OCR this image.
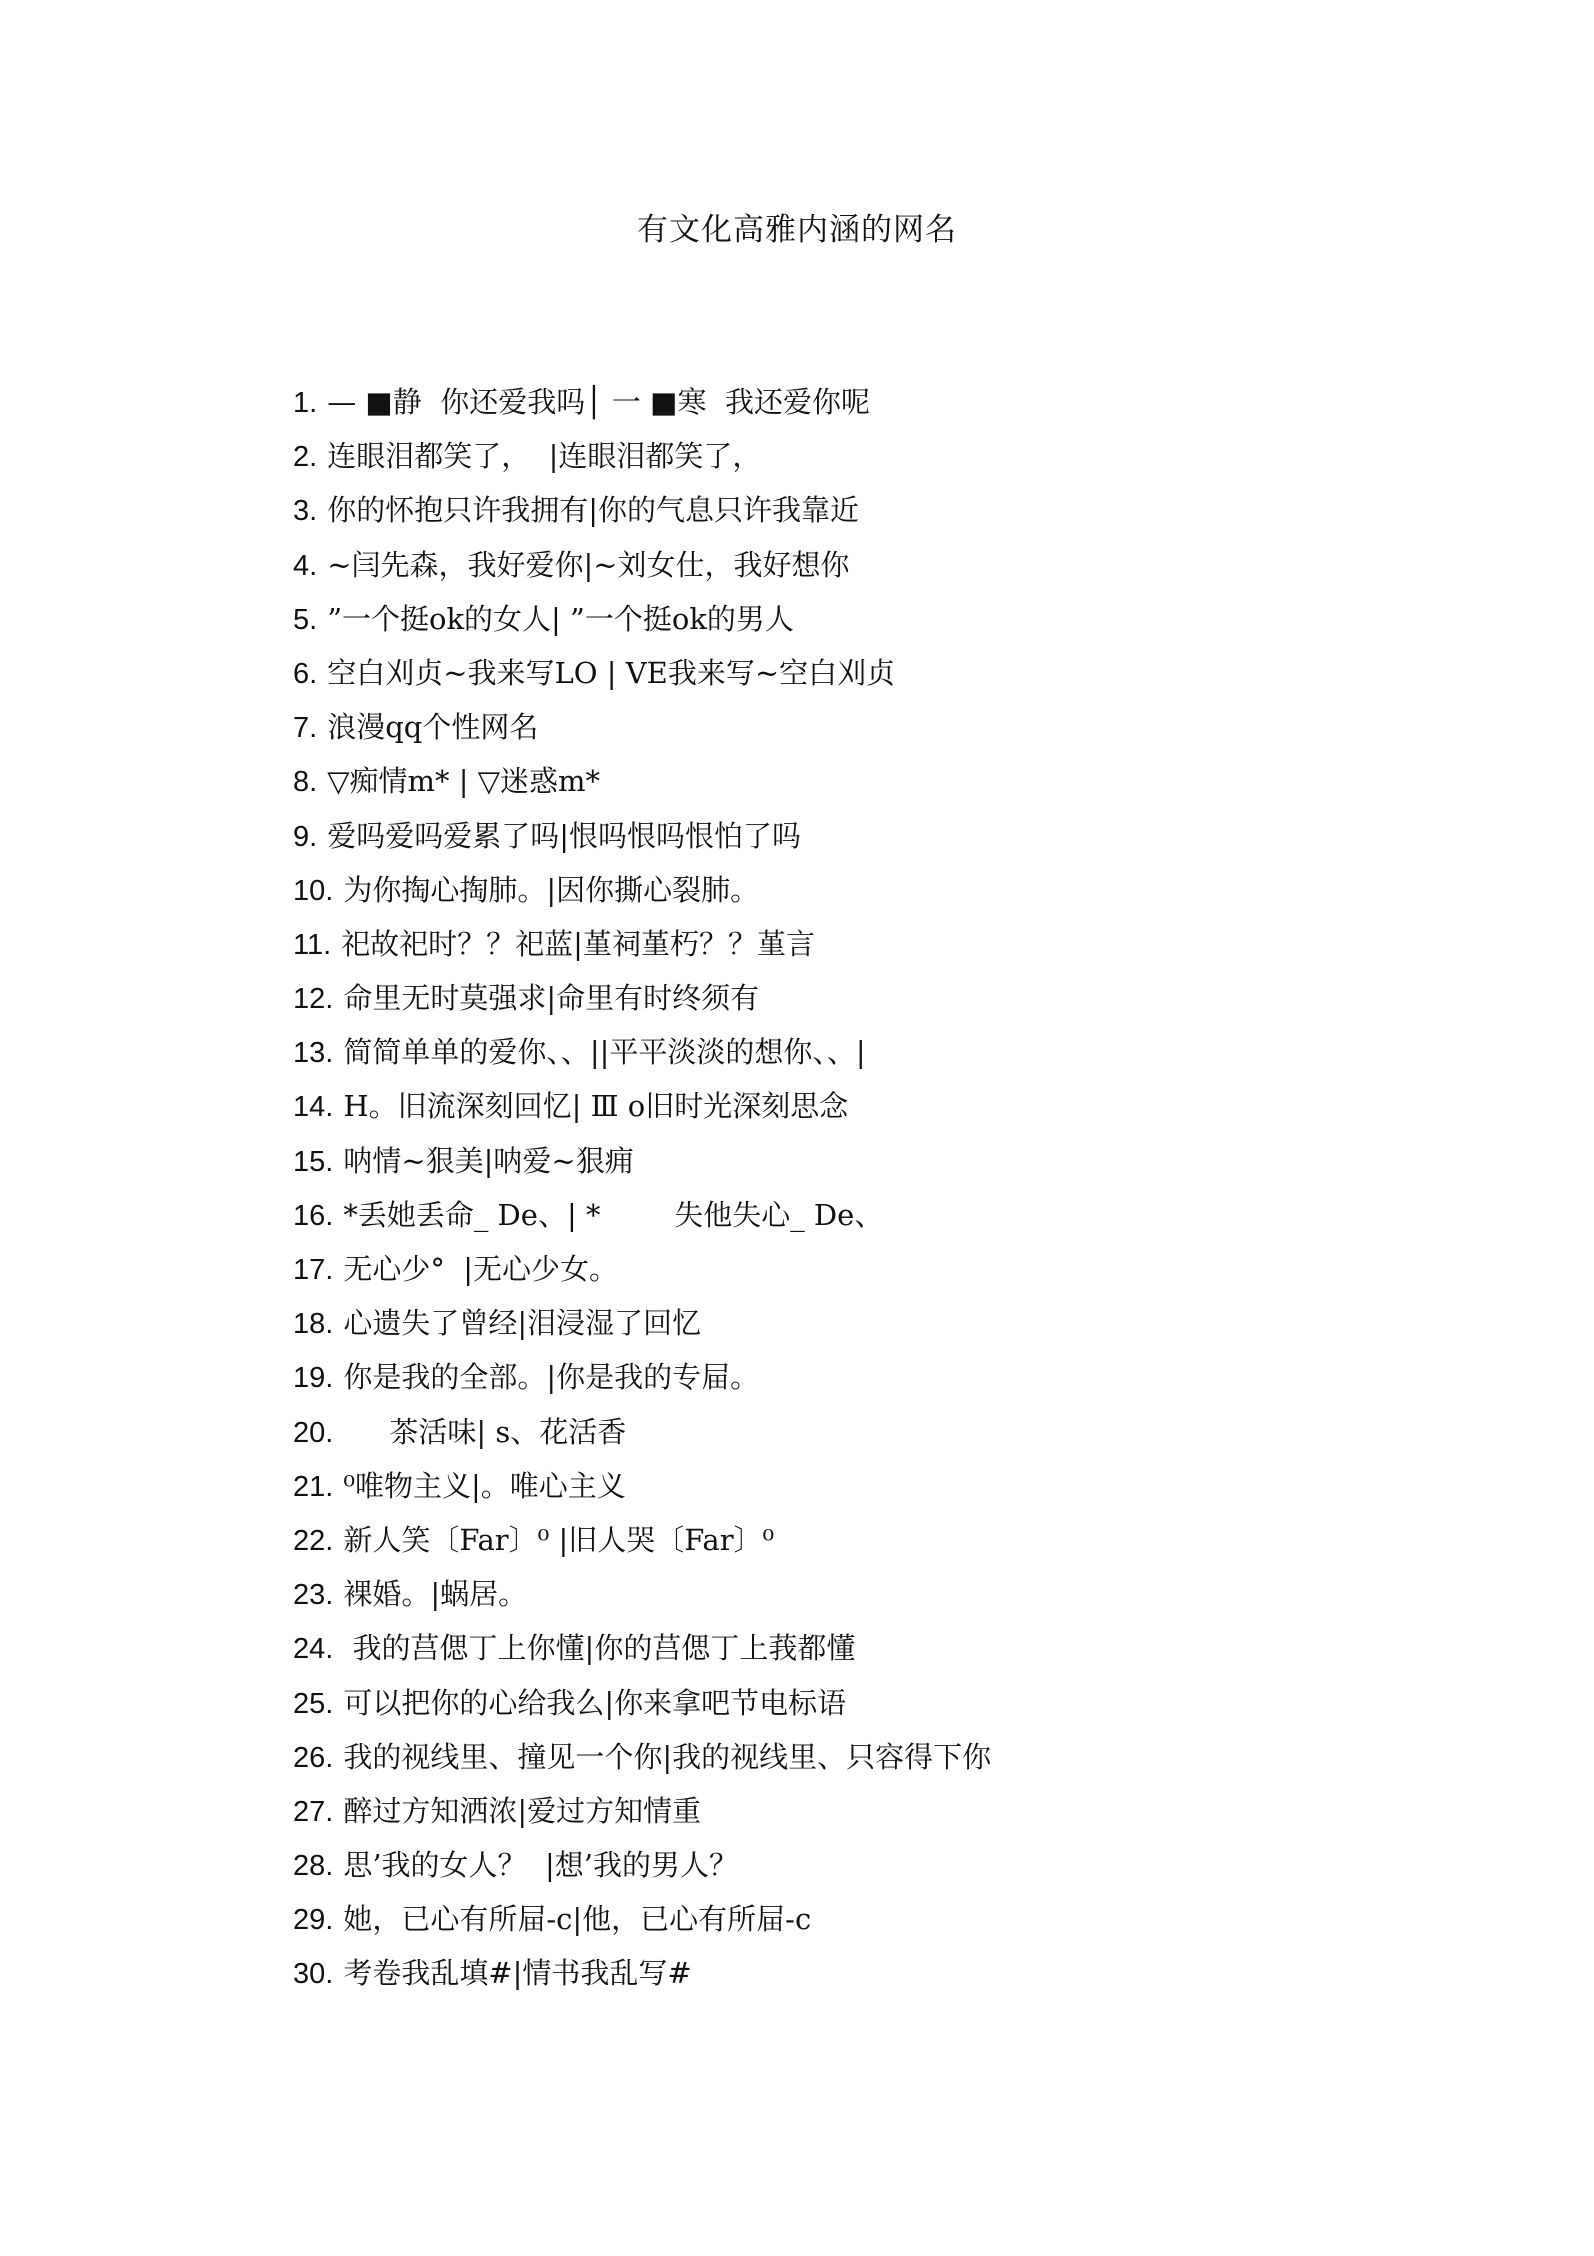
有文化高雅内涵的网名
1. — ■静  你还爱我吗│ 一 ■寒  我还爱你呢
2. 连眼泪都笑了，  |连眼泪都笑了，
3. 你的怀抱只许我拥有|你的气息只许我靠近
4. ~闫先森，我好爱你|~刘女仕，我好想你
5. ”一个挺ok的女人| ”一个挺ok的男人
6. 空白刈贞~我来写LO | VE我来写~空白刈贞
7. 浪漫qq个性网名
8. ▽痴情m* | ▽迷惑m*
9. 爱吗爱吗爱累了吗|恨吗恨吗恨怕了吗
10. 为你掏心掏肺。|因你撕心裂肺。
11. 祀故祀时？？祀蓝|堇祠堇朽？？堇言
12. 命里无时莫强求|命里有时终须有
13. 简简单单的爱你、、||平平淡淡的想你、、|
14. H。旧流深刻回忆| Ⅲ o旧时光深刻思念
15. 呐情~狠美|呐爱~狠痈
16. *丢她丢命_ De、| *        失他失心_ De、
17. 无心少°  |无心少女。
18. 心遗失了曾经|泪浸湿了回忆
19. 你是我的全部。|你是我的专屇。
20.     茶活味| s、花活香
21. ⁰唯物主义|。唯心主义
22. 新人笑〔Far〕⁰ |旧人哭〔Far〕⁰
23. 裸婚。|蜗居。
24. 我的莒偲丁上你懂|你的莒偲丁上莪都懂
25. 可以把你的心给我么|你来拿吧节电标语
26. 我的视线里、撞见一个你|我的视线里、只容得下你
27. 醉过方知洒浓|爱过方知情重
28. 思’我的女人？  |想’我的男人？
29. 她，已心有所屇-c|他，已心有所屇-c
30. 考卷我乱填#|情书我乱写#
